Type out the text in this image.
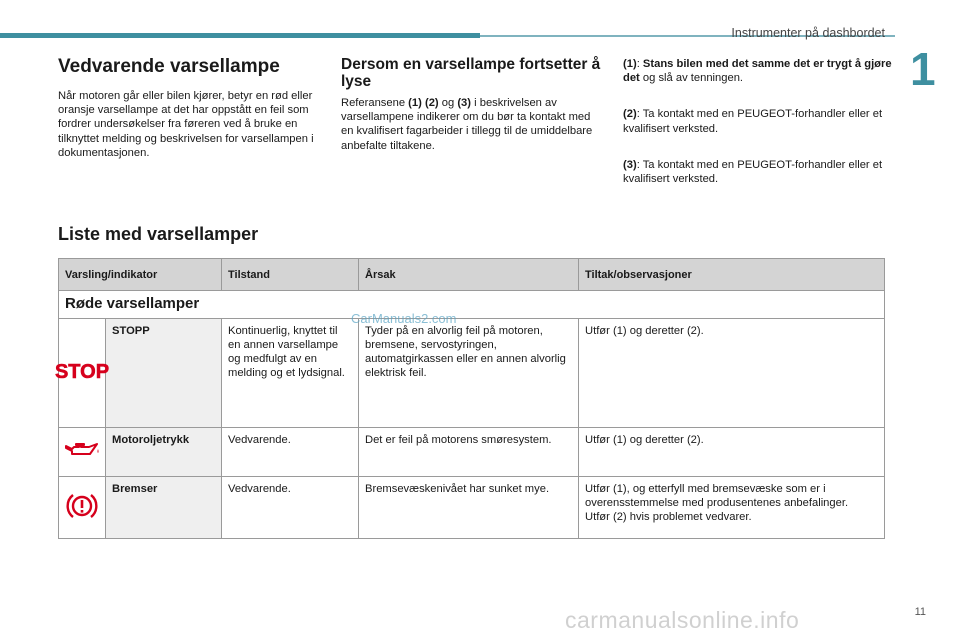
Instrumenter på dashbordet
1
Vedvarende varsellampe
Når motoren går eller bilen kjører, betyr en rød eller oransje varsellampe at det har oppstått en feil som fordrer undersøkelser fra føreren ved å bruke en tilknyttet melding og beskrivelsen for varsellampen i dokumentasjonen.
Dersom en varsellampe fortsetter å lyse
Referansene (1) (2) og (3) i beskrivelsen av varsellampene indikerer om du bør ta kontakt med en kvalifisert fagarbeider i tillegg til de umiddelbare anbefalte tiltakene.

(1): Stans bilen med det samme det er trygt å gjøre det og slå av tenningen.

(2): Ta kontakt med en PEUGEOT-forhandler eller et kvalifisert verksted.

(3): Ta kontakt med en PEUGEOT-forhandler eller et kvalifisert verksted.

Liste med varsellamper
Varsling/indikator		Tilstand	Årsak	Tiltak/observasjoner
Røde varsellamper				

STOP	STOPP	Kontinuerlig, knyttet til en annen varsellampe og medfulgt av en melding og et lydsignal.	Tyder på en alvorlig feil på motoren, bremsene, servostyringen, automatgirkassen eller en annen alvorlig elektrisk feil.	Utfør (1) og deretter (2).
	Motoroljetrykk	Vedvarende.	Det er feil på motorens smøresystem.	Utfør (1) og deretter (2).
	Bremser	Vedvarende.	Bremsevæskenivået har sunket mye.	Utfør (1), og etterfyll med bremsevæske som er i overensstemmelse med produsentenes anbefalinger.
Utfør (2) hvis problemet vedvarer.
CarManuals2.com
carmanualsonline.info	11
